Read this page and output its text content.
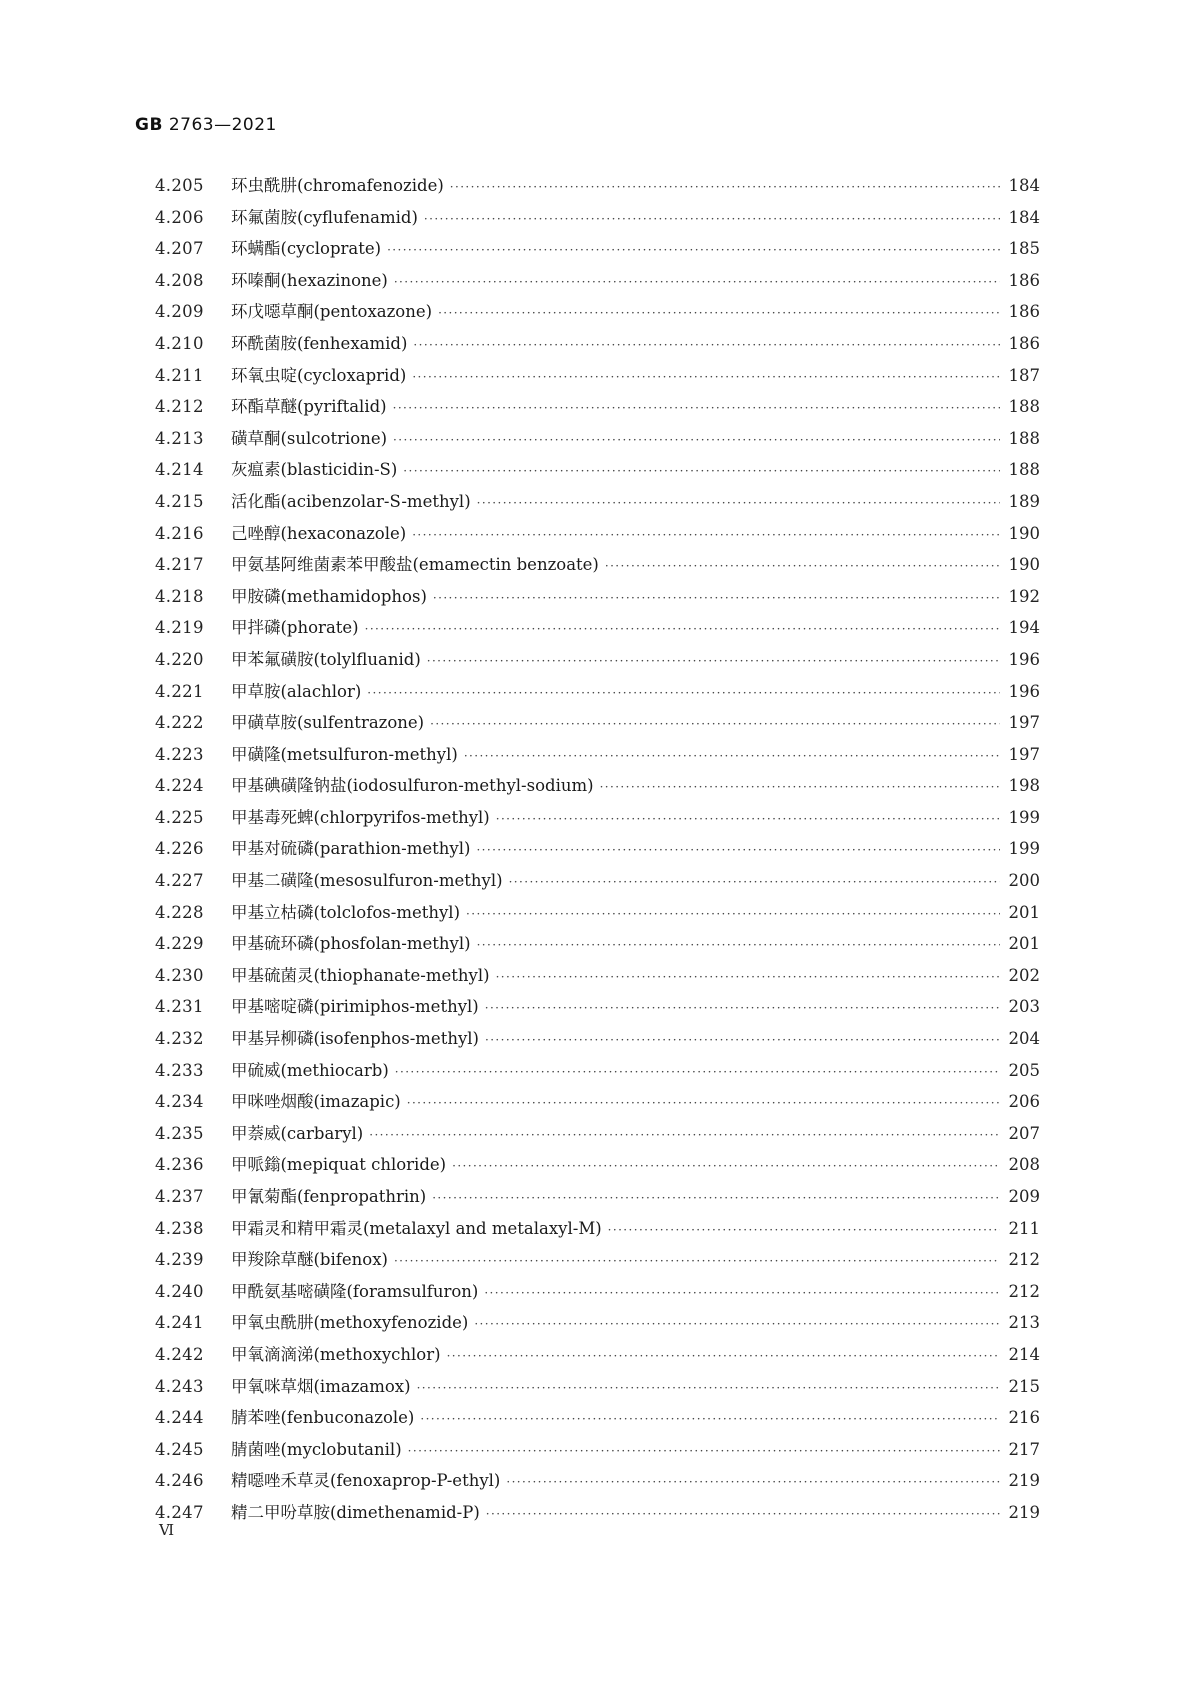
GB 2763—2021
4.205	环虫酰肼(chromafenozide) ·····	184
4.206	环氟菌胺(cyflufenamid) ·····	184
4.207	环螨酯(cycloprate) ·····	185
4.208	环嗪酮(hexazinone) ·····	186
4.209	环戊噁草酮(pentoxazone) ·····	186
4.210	环酰菌胺(fenhexamid) ·····	186
4.211	环氧虫啶(cycloxaprid) ·····	187
4.212	环酯草醚(pyriftalid) ·····	188
4.213	磺草酮(sulcotrione) ·····	188
4.214	灰瘟素(blasticidin-S) ·····	188
4.215	活化酯(acibenzolar-S-methyl) ·····	189
4.216	己唑醇(hexaconazole) ·····	190
4.217	甲氨基阿维菌素苯甲酸盐(emamectin benzoate) ·····	190
4.218	甲胺磷(methamidophos) ·····	192
4.219	甲拌磷(phorate) ·····	194
4.220	甲苯氟磺胺(tolylfluanid) ·····	196
4.221	甲草胺(alachlor) ·····	196
4.222	甲磺草胺(sulfentrazone) ·····	197
4.223	甲磺隆(metsulfuron-methyl) ·····	197
4.224	甲基碘磺隆钠盐(iodosulfuron-methyl-sodium) ·····	198
4.225	甲基毒死蜱(chlorpyrifos-methyl) ·····	199
4.226	甲基对硫磷(parathion-methyl) ·····	199
4.227	甲基二磺隆(mesosulfuron-methyl) ·····	200
4.228	甲基立枯磷(tolclofos-methyl) ·····	201
4.229	甲基硫环磷(phosfolan-methyl) ·····	201
4.230	甲基硫菌灵(thiophanate-methyl) ·····	202
4.231	甲基嘧啶磷(pirimiphos-methyl) ·····	203
4.232	甲基异柳磷(isofenphos-methyl) ·····	204
4.233	甲硫威(methiocarb) ·····	205
4.234	甲咪唑烟酸(imazapic) ·····	206
4.235	甲萘威(carbaryl) ·····	207
4.236	甲哌鎓(mepiquat chloride) ·····	208
4.237	甲氰菊酯(fenpropathrin) ·····	209
4.238	甲霜灵和精甲霜灵(metalaxyl and metalaxyl-M) ·····	211
4.239	甲羧除草醚(bifenox) ·····	212
4.240	甲酰氨基嘧磺隆(foramsulfuron) ·····	212
4.241	甲氧虫酰肼(methoxyfenozide) ·····	213
4.242	甲氧滴滴涕(methoxychlor) ·····	214
4.243	甲氧咪草烟(imazamox) ·····	215
4.244	腈苯唑(fenbuconazole) ·····	216
4.245	腈菌唑(myclobutanil) ·····	217
4.246	精噁唑禾草灵(fenoxaprop-P-ethyl) ·····	219
4.247	精二甲吩草胺(dimethenamid-P) ·····	219
Ⅵ
